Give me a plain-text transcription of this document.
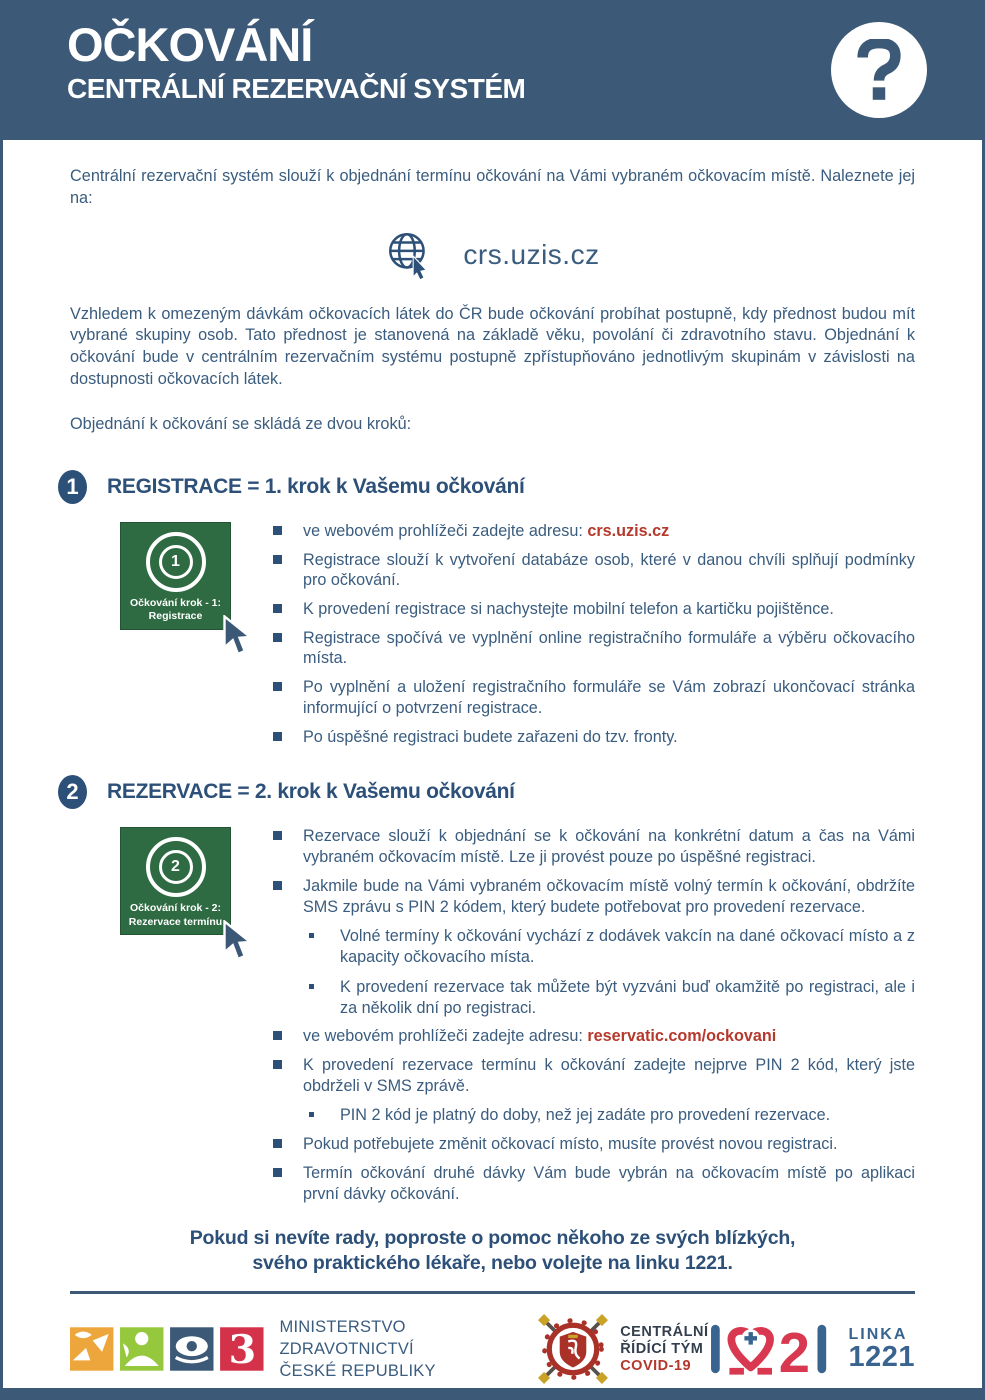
OČKOVÁNÍ
CENTRÁLNÍ REZERVAČNÍ SYSTÉM

Centrální rezervační systém slouží k objednání termínu očkování na Vámi vybraném očkovacím místě. Naleznete jej na:

crs.uzis.cz

Vzhledem k omezeným dávkám očkovacích látek do ČR bude očkování probíhat postupně, kdy přednost budou mít vybrané skupiny osob. Tato přednost je stanovená na základě věku, povolání či zdravotního stavu. Objednání k očkování bude v centrálním rezervačním systému postupně zpřístupňováno jednotlivým skupinám v závislosti na dostupnosti očkovacích látek.

Objednání k očkování se skládá ze dvou kroků:

1	REGISTRACE = 1. krok k Vašemu očkování
1
Očkování krok - 1:
Registrace
ve webovém prohlížeči zadejte adresu: crs.uzis.cz
Registrace slouží k vytvoření databáze osob, které v danou chvíli splňují podmínky pro očkování.
K provedení registrace si nachystejte mobilní telefon a kartičku pojištěnce.
Registrace spočívá ve vyplnění online registračního formuláře a výběru očkovacího místa.
Po vyplnění a uložení registračního formuláře se Vám zobrazí ukončovací stránka informující o potvrzení registrace.
Po úspěšné registraci budete zařazeni do tzv. fronty.
2	REZERVACE = 2. krok k Vašemu očkování
2
Očkování krok - 2:
Rezervace termínu
Rezervace slouží k objednání se k očkování na konkrétní datum a čas na Vámi vybraném očkovacím místě. Lze ji provést pouze po úspěšné registraci.
Jakmile bude na Vámi vybraném očkovacím místě volný termín k očkování, obdržíte SMS zprávu s PIN 2 kódem, který budete potřebovat pro provedení rezervace.
Volné termíny k očkování vychází z dodávek vakcín na dané očkovací místo a z kapacity očkovacího místa.
K provedení rezervace tak můžete být vyzváni buď okamžitě po registraci, ale i za několik dní po registraci.
ve webovém prohlížeči zadejte adresu: reservatic.com/ockovani
K provedení rezervace termínu k očkování zadejte nejprve PIN 2 kód, který jste obdrželi v SMS zprávě.
PIN 2 kód je platný do doby, než jej zadáte pro provedení rezervace.
Pokud potřebujete změnit očkovací místo, musíte provést novou registraci.
Termín očkování druhé dávky Vám bude vybrán na očkovacím místě po aplikaci první dávky očkování.
Pokud si nevíte rady, poproste o pomoc někoho ze svých blízkých,
svého praktického lékaře, nebo volejte na linku 1221.
3
MINISTERSTVO ZDRAVOTNICTVÍ
ČESKÉ REPUBLIKY
CENTRÁLNÍ
ŘÍDÍCÍ TÝM
COVID-19 2 LINKA
1221
